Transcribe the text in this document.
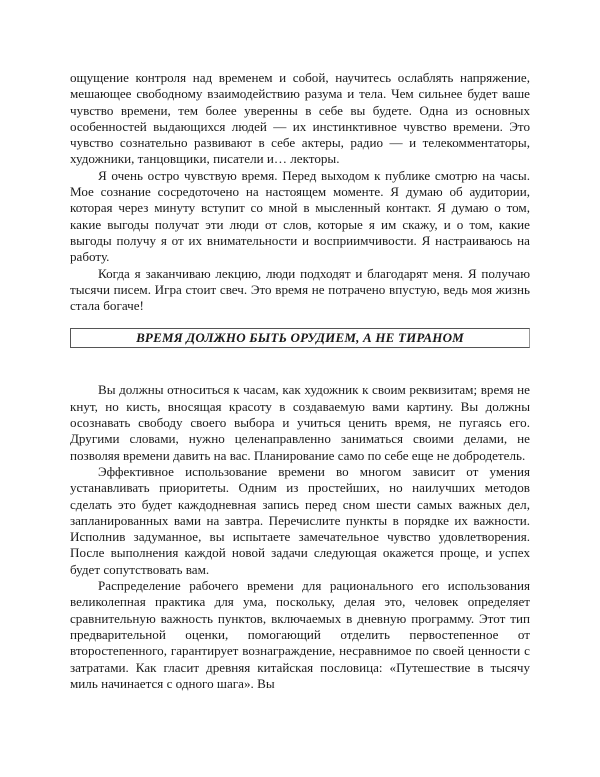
ощущение контроля над временем и собой, научитесь ослаблять напряжение, мешающее свободному взаимодействию разума и тела. Чем сильнее будет ваше чувство времени, тем более уверенны в себе вы будете. Одна из основных особенностей выдающихся людей — их инстинктивное чувство времени. Это чувство сознательно развивают в себе актеры, радио — и телекомментаторы, художники, танцовщики, писатели и… лекторы.

Я очень остро чувствую время. Перед выходом к публике смотрю на часы. Мое сознание сосредоточено на настоящем моменте. Я думаю об аудитории, которая через минуту вступит со мной в мысленный контакт. Я думаю о том, какие выгоды получат эти люди от слов, которые я им скажу, и о том, какие выгоды получу я от их внимательности и восприимчивости. Я настраиваюсь на работу.

Когда я заканчиваю лекцию, люди подходят и благодарят меня. Я получаю тысячи писем. Игра стоит свеч. Это время не потрачено впустую, ведь моя жизнь стала богаче!

ВРЕМЯ ДОЛЖНО БЫТЬ ОРУДИЕМ, А НЕ ТИРАНОМ

Вы должны относиться к часам, как художник к своим реквизитам; время не кнут, но кисть, вносящая красоту в создаваемую вами картину. Вы должны осознавать свободу своего выбора и учиться ценить время, не пугаясь его. Другими словами, нужно целенаправленно заниматься своими делами, не позволяя времени давить на вас. Планирование само по себе еще не добродетель.

Эффективное использование времени во многом зависит от умения устанавливать приоритеты. Одним из простейших, но наилучших методов сделать это будет каждодневная запись перед сном шести самых важных дел, запланированных вами на завтра. Перечислите пункты в порядке их важности. Исполнив задуманное, вы испытаете замечательное чувство удовлетворения. После выполнения каждой новой задачи следующая окажется проще, и успех будет сопутствовать вам.

Распределение рабочего времени для рационального его использования великолепная практика для ума, поскольку, делая это, человек определяет сравнительную важность пунктов, включаемых в дневную программу. Этот тип предварительной оценки, помогающий отделить первостепенное от второстепенного, гарантирует вознаграждение, несравнимое по своей ценности с затратами. Как гласит древняя китайская пословица: «Путешествие в тысячу миль начинается с одного шага». Вы
